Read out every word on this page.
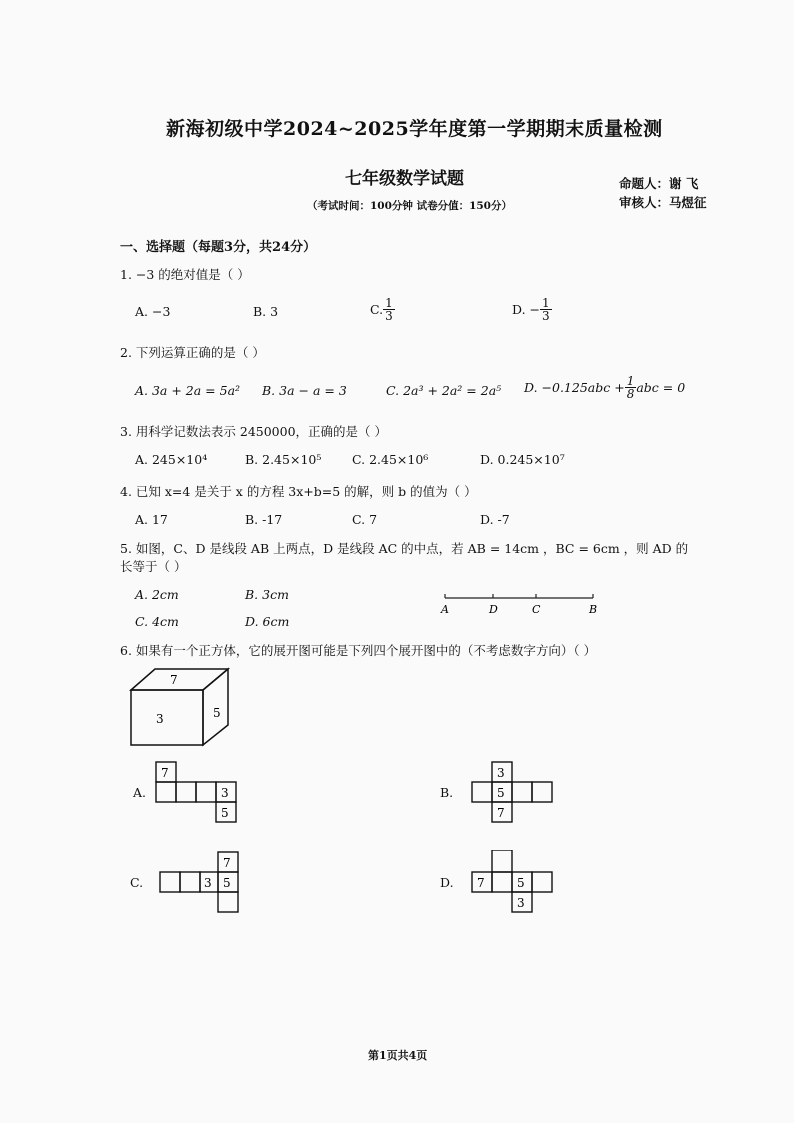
新海初级中学2024~2025学年度第一学期期末质量检测
七年级数学试题
（考试时间：100分钟 试卷分值：150分）
命题人：谢 飞
审核人：马煜征
一、选择题（每题3分，共24分）
1. −3 的绝对值是（ ）
A. −3	B. 3	C. $\frac{1}{3}$	D. − $\frac{1}{3}$
2. 下列运算正确的是（ ）
A. 3a + 2a = 5a² B. 3a − a = 3	C. 2a³ + 2a² = 2a⁵ D. $-0.125abc + \frac{1}{8}$ abc = 0
3. 用科学记数法表示 2450000，正确的是（ ）
A. 245×10⁴	B. 2.45×10⁵ C. 2.45×10⁶	D. 0.245×10⁷
4. 已知 x=4 是关于 x 的方程 3x+b=5 的解，则 b 的值为（ ）
A. 17	B. -17	C. 7	D. -7
5. 如图，C、D 是线段 AB 上两点，D 是线段 AC 的中点，若 AB = 14cm ，BC = 6cm ，则 AD 的
长等于（ ）
A. 2cm	B. 3cm
C. 4cm	D. 6cm
A	D	C	B
6. 如果有一个正方体，它的展开图可能是下列四个展开图中的（不考虑数字方向）（ ）
7
3	5
A.
7
3
5
B.
3
5
7
C.
7
3 5	D. 7	5
3
第1页共4页
